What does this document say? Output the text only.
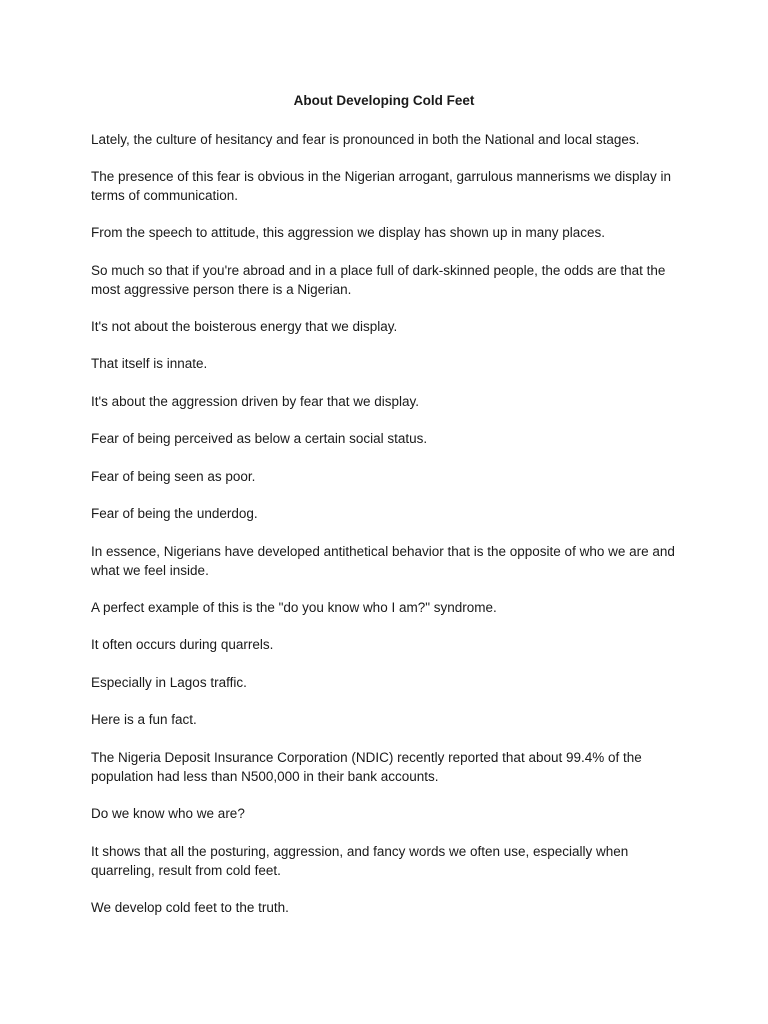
About Developing Cold Feet

Lately, the culture of hesitancy and fear is pronounced in both the National and local stages.

The presence of this fear is obvious in the Nigerian arrogant, garrulous mannerisms we display in terms of communication.

From the speech to attitude, this aggression we display has shown up in many places.

So much so that if you're abroad and in a place full of dark-skinned people, the odds are that the most aggressive person there is a Nigerian.

It's not about the boisterous energy that we display.

That itself is innate.

It's about the aggression driven by fear that we display.

Fear of being perceived as below a certain social status.

Fear of being seen as poor.

Fear of being the underdog.

In essence, Nigerians have developed antithetical behavior that is the opposite of who we are and what we feel inside.

A perfect example of this is the "do you know who I am?" syndrome.

It often occurs during quarrels.

Especially in Lagos traffic.

Here is a fun fact.

The Nigeria Deposit Insurance Corporation (NDIC) recently reported that about 99.4% of the population had less than N500,000 in their bank accounts.

Do we know who we are?

It shows that all the posturing, aggression, and fancy words we often use, especially when quarreling, result from cold feet.

We develop cold feet to the truth.
